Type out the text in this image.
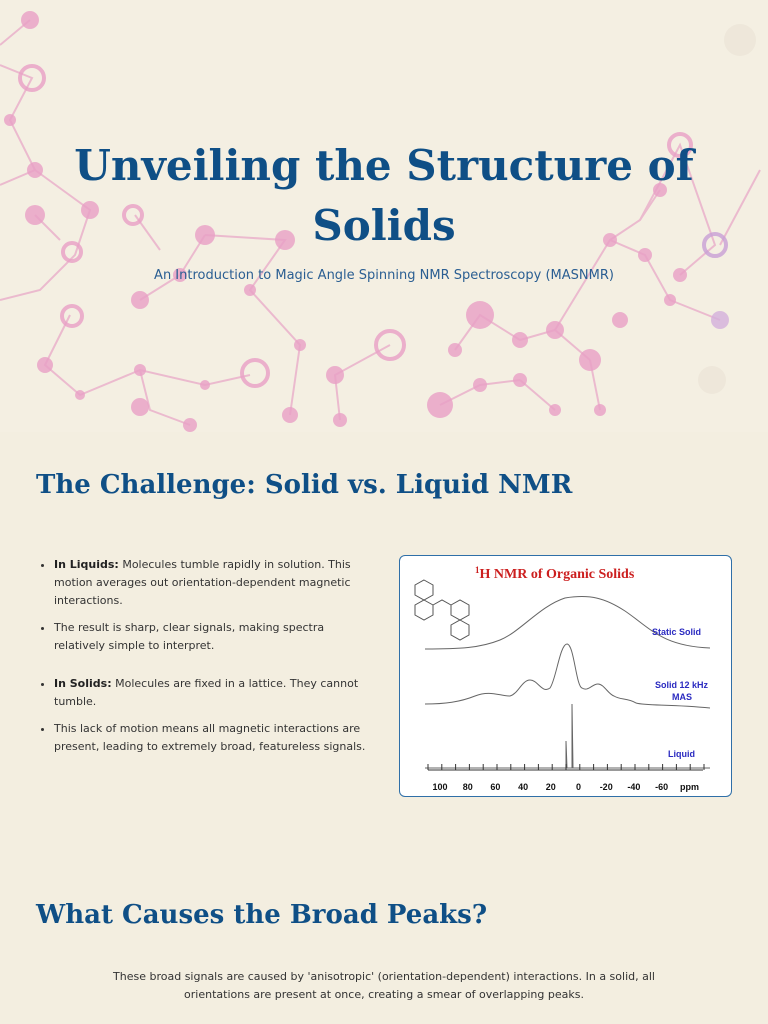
Unveiling the Structure of
Solids
An Introduction to Magic Angle Spinning NMR Spectroscopy (MASNMR)
The Challenge: Solid vs. Liquid NMR
• In Liquids: Molecules tumble rapidly in solution. This motion averages out orientation-dependent magnetic interactions.
• The result is sharp, clear signals, making spectra relatively simple to interpret.
• In Solids: Molecules are fixed in a lattice. They cannot tumble.
• This lack of motion means all magnetic interactions are present, leading to extremely broad, featureless signals.
$^1$H NMR of Organic Solids
Static Solid
Solid 12 kHz
MAS
Liquid
100 80 60 40 20 0 -20 -40 -60 ppm
What Causes the Broad Peaks?

These broad signals are caused by 'anisotropic' (orientation-dependent) interactions. In a solid, all orientations are present at once, creating a smear of overlapping peaks.
